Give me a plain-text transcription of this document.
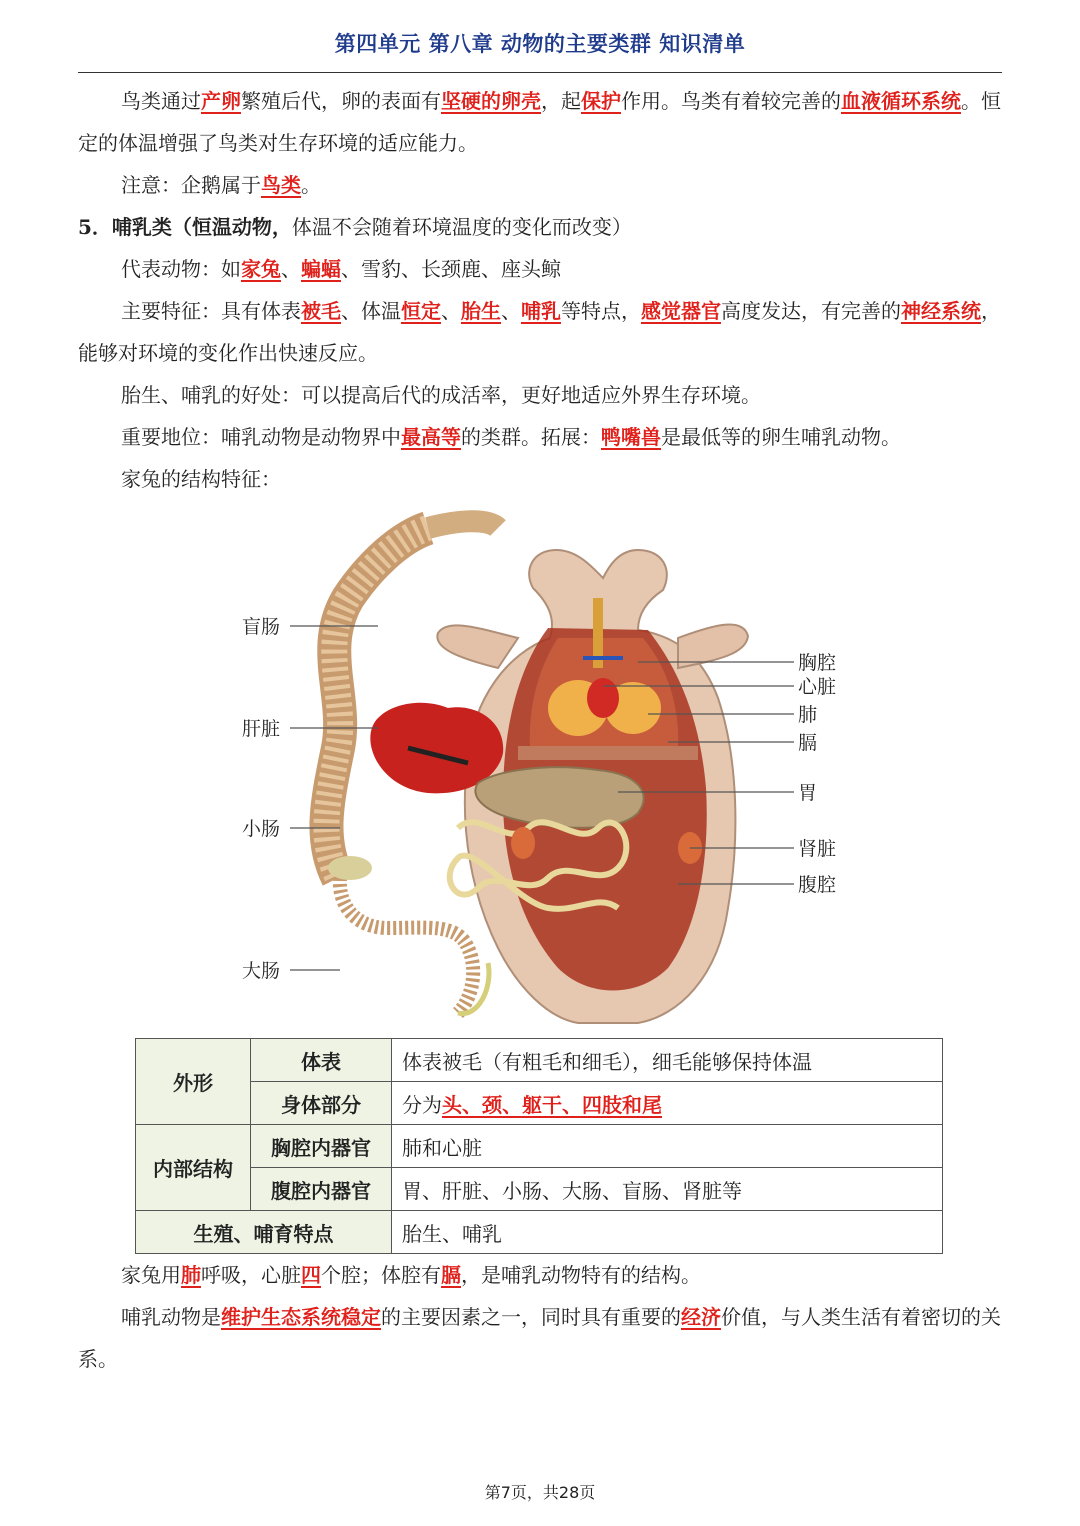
第四单元 第八章 动物的主要类群 知识清单

鸟类通过产卵繁殖后代，卵的表面有坚硬的卵壳，起保护作用。鸟类有着较完善的血液循环系统。恒定的体温增强了鸟类对生存环境的适应能力。

注意：企鹅属于鸟类。

5．哺乳类（恒温动物，体温不会随着环境温度的变化而改变）

代表动物：如家兔、蝙蝠、雪豹、长颈鹿、座头鲸

主要特征：具有体表被毛、体温恒定、胎生、哺乳等特点，感觉器官高度发达，有完善的神经系统，能够对环境的变化作出快速反应。

胎生、哺乳的好处：可以提高后代的成活率，更好地适应外界生存环境。

重要地位：哺乳动物是动物界中最高等的类群。拓展：鸭嘴兽是最低等的卵生哺乳动物。

家兔的结构特征：

盲肠
肝脏
小肠
大肠
胸腔
心脏
肺
膈
胃
肾脏
腹腔
外形	体表	体表被毛（有粗毛和细毛），细毛能够保持体温
	身体部分	分为头、颈、躯干、四肢和尾
内部结构	胸腔内器官	肺和心脏
	腹腔内器官	胃、肝脏、小肠、大肠、盲肠、肾脏等
生殖、哺育特点		胎生、哺乳

家兔用肺呼吸，心脏四个腔；体腔有膈，是哺乳动物特有的结构。

哺乳动物是维护生态系统稳定的主要因素之一，同时具有重要的经济价值，与人类生活有着密切的关系。

第7页，共28页
